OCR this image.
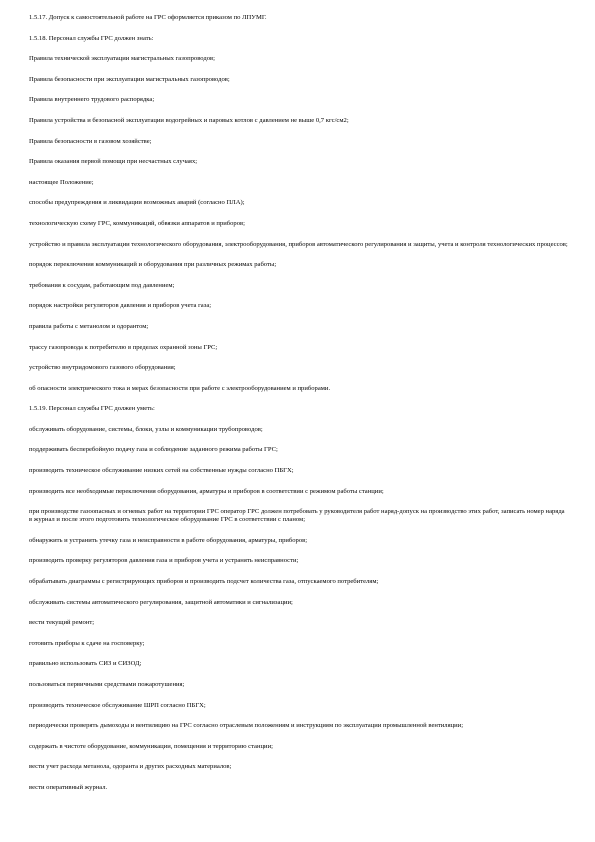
1.5.17. Допуск к самостоятельной работе на ГРС оформляется приказом по ЛПУМГ.

1.5.18. Персонал службы ГРС должен знать:

Правила технической эксплуатации магистральных газопроводов;

Правила безопасности при эксплуатации магистральных газопроводов;

Правила внутреннего трудового распорядка;

Правила устройства и безопасной эксплуатации водогрейных и паровых котлов с давлением не выше 0,7 кгс/см2;

Правила безопасности в газовом хозяйстве;

Правила оказания первой помощи при несчастных случаях;

настоящее Положение;

способы предупреждения и ликвидации возможных аварий (согласно ПЛА);

технологическую схему ГРС, коммуникаций, обвязки аппаратов и приборов;

устройство и правила эксплуатации технологического оборудования, электрооборудования, приборов автоматического регулирования и защиты, учета и контроля технологических процессов;

порядок переключения коммуникаций и оборудования при различных режимах работы;

требования к сосудам, работающим под давлением;

порядок настройки регуляторов давления и приборов учета газа;

правила работы с метанолом и одорантом;

трассу газопровода к потребителю в пределах охранной зоны ГРС;

устройство внутридомового газового оборудования;

об опасности электрического тока и мерах безопасности при работе с электрооборудованием и приборами.

1.5.19. Персонал службы ГРС должен уметь:

обслуживать оборудование, системы, блоки, узлы и коммуникации трубопроводов;

поддерживать бесперебойную подачу газа и соблюдение заданного режима работы ГРС;

производить техническое обслуживание низких сетей на собственные нужды согласно ПБГХ;

производить все необходимые переключения оборудования, арматуры и приборов в соответствии с режимом работы станции;

при производстве газоопасных и огневых работ на территории ГРС оператор ГРС должен потребовать у руководителя работ наряд-допуск на производство этих работ, записать номер наряда в журнал и после этого подготовить технологическое оборудование ГРС в соответствии с планом;

обнаружить и устранить утечку газа и неисправности в работе оборудования, арматуры, приборов;

производить проверку регуляторов давления газа и приборов учета и устранять неисправности;

обрабатывать диаграммы с регистрирующих приборов и производить подсчет количества газа, отпускаемого потребителям;

обслуживать системы автоматического регулирования, защитной автоматики и сигнализации;

вести текущий ремонт;

готовить приборы к сдаче на госповерку;

правильно использовать СИЗ и СИЗОД;

пользоваться первичными средствами пожаротушения;

производить техническое обслуживание ШРП согласно ПБГХ;

периодически проверять дымоходы и вентиляцию на ГРС согласно отраслевым положениям и инструкциям по эксплуатации промышленной вентиляции;

содержать в чистоте оборудование, коммуникации, помещения и территорию станции;

вести учет расхода метанола, одоранта и других расходных материалов;

вести оперативный журнал.
